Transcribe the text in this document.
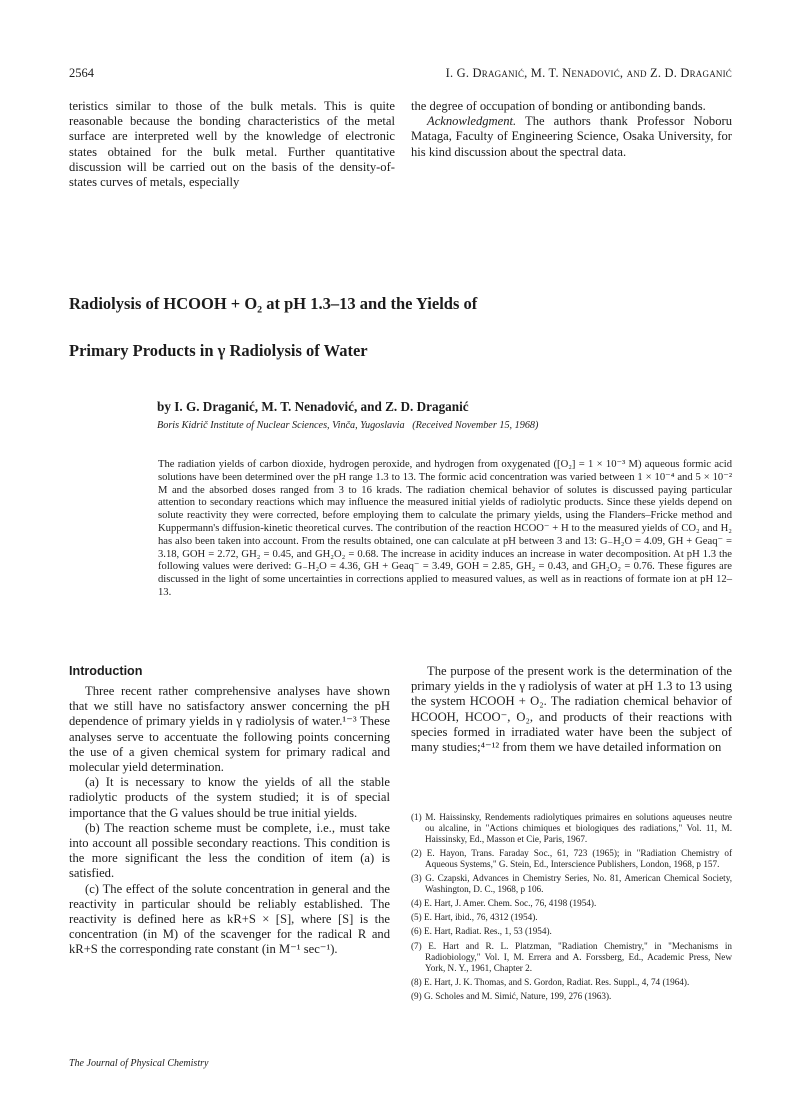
2564	I. G. Draganić, M. T. Nenadović, and Z. D. Draganić

teristics similar to those of the bulk metals. This is quite reasonable because the bonding characteristics of the metal surface are interpreted well by the knowledge of electronic states obtained for the bulk metal. Further quantitative discussion will be carried out on the basis of the density-of-states curves of metals, especially

the degree of occupation of bonding or antibonding bands.

Acknowledgment. The authors thank Professor Noboru Mataga, Faculty of Engineering Science, Osaka University, for his kind discussion about the spectral data.

Radiolysis of HCOOH + O₂ at pH 1.3–13 and the Yields of
Primary Products in γ Radiolysis of Water
by I. G. Draganić, M. T. Nenadović, and Z. D. Draganić
Boris Kidrič Institute of Nuclear Sciences, Vinča, Yugoslavia (Received November 15, 1968)
The radiation yields of carbon dioxide, hydrogen peroxide, and hydrogen from oxygenated ([O₂] = 1 × 10⁻³ M) aqueous formic acid solutions have been determined over the pH range 1.3 to 13. The formic acid concentration was varied between 1 × 10⁻⁴ and 5 × 10⁻² M and the absorbed doses ranged from 3 to 16 krads. The radiation chemical behavior of solutes is discussed paying particular attention to secondary reactions which may influence the measured initial yields of radiolytic products. Since these yields depend on solute reactivity they were corrected, before employing them to calculate the primary yields, using the Flanders–Fricke method and Kuppermann's diffusion-kinetic theoretical curves. The contribution of the reaction HCOO⁻ + H to the measured yields of CO₂ and H₂ has also been taken into account. From the results obtained, one can calculate at pH between 3 and 13: G₋H₂O = 4.09, GH + Geaq⁻ = 3.18, GOH = 2.72, GH₂ = 0.45, and GH₂O₂ = 0.68. The increase in acidity induces an increase in water decomposition. At pH 1.3 the following values were derived: G₋H₂O = 4.36, GH + Geaq⁻ = 3.49, GOH = 2.85, GH₂ = 0.43, and GH₂O₂ = 0.76. These figures are discussed in the light of some uncertainties in corrections applied to measured values, as well as in reactions of formate ion at pH 12–13.
Introduction

Three recent rather comprehensive analyses have shown that we still have no satisfactory answer concerning the pH dependence of primary yields in γ radiolysis of water.¹⁻³ These analyses serve to accentuate the following points concerning the use of a given chemical system for primary radical and molecular yield determination.

(a) It is necessary to know the yields of all the stable radiolytic products of the system studied; it is of special importance that the G values should be true initial yields.

(b) The reaction scheme must be complete, i.e., must take into account all possible secondary reactions. This condition is the more significant the less the condition of item (a) is satisfied.

(c) The effect of the solute concentration in general and the reactivity in particular should be reliably established. The reactivity is defined here as kR+S × [S], where [S] is the concentration (in M) of the scavenger for the radical R and kR+S the corresponding rate constant (in M⁻¹ sec⁻¹).

The purpose of the present work is the determination of the primary yields in the γ radiolysis of water at pH 1.3 to 13 using the system HCOOH + O₂. The radiation chemical behavior of HCOOH, HCOO⁻, O₂, and products of their reactions with species formed in irradiated water have been the subject of many studies;⁴⁻¹² from them we have detailed information on

(1) M. Haissinsky, Rendements radiolytiques primaires en solutions aqueuses neutre ou alcaline, in "Actions chimiques et biologiques des radiations," Vol. 11, M. Haissinsky, Ed., Masson et Cie, Paris, 1967.

(2) E. Hayon, Trans. Faraday Soc., 61, 723 (1965); in "Radiation Chemistry of Aqueous Systems," G. Stein, Ed., Interscience Publishers, London, 1968, p 157.

(3) G. Czapski, Advances in Chemistry Series, No. 81, American Chemical Society, Washington, D. C., 1968, p 106.

(4) E. Hart, J. Amer. Chem. Soc., 76, 4198 (1954).

(5) E. Hart, ibid., 76, 4312 (1954).

(6) E. Hart, Radiat. Res., 1, 53 (1954).

(7) E. Hart and R. L. Platzman, "Radiation Chemistry," in "Mechanisms in Radiobiology," Vol. I, M. Errera and A. Forssberg, Ed., Academic Press, New York, N. Y., 1961, Chapter 2.

(8) E. Hart, J. K. Thomas, and S. Gordon, Radiat. Res. Suppl., 4, 74 (1964).

(9) G. Scholes and M. Simić, Nature, 199, 276 (1963).

The Journal of Physical Chemistry
